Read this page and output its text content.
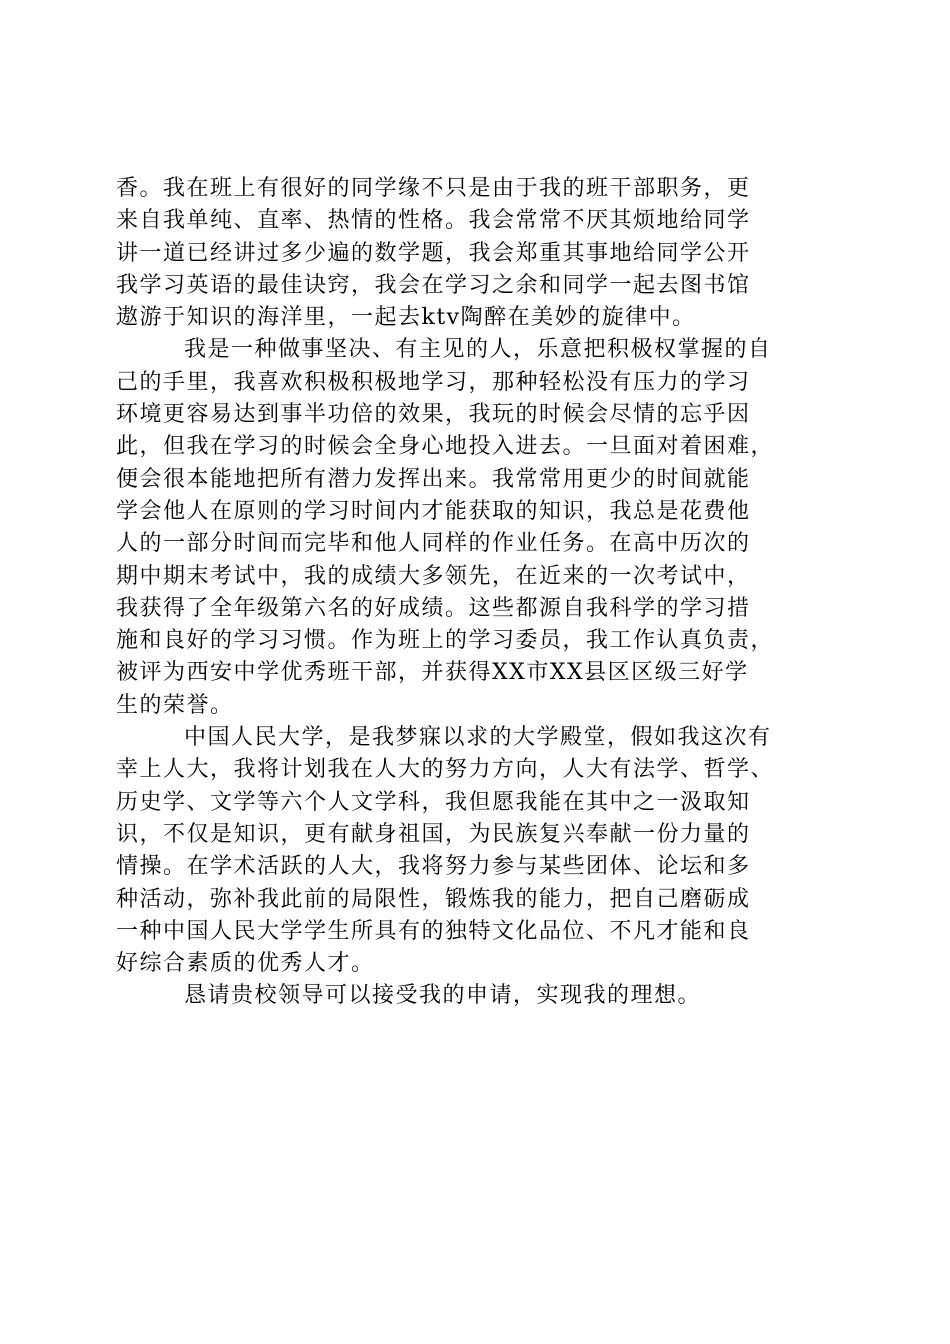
香。我在班上有很好的同学缘不只是由于我的班干部职务，更
来自我单纯、直率、热情的性格。我会常常不厌其烦地给同学
讲一道已经讲过多少遍的数学题，我会郑重其事地给同学公开
我学习英语的最佳诀窍，我会在学习之余和同学一起去图书馆
遨游于知识的海洋里，一起去ktv陶醉在美妙的旋律中。
我是一种做事坚决、有主见的人，乐意把积极权掌握的自
己的手里，我喜欢积极积极地学习，那种轻松没有压力的学习
环境更容易达到事半功倍的效果，我玩的时候会尽情的忘乎因
此，但我在学习的时候会全身心地投入进去。一旦面对着困难，
便会很本能地把所有潜力发挥出来。我常常用更少的时间就能
学会他人在原则的学习时间内才能获取的知识，我总是花费他
人的一部分时间而完毕和他人同样的作业任务。在高中历次的
期中期末考试中，我的成绩大多领先，在近来的一次考试中，
我获得了全年级第六名的好成绩。这些都源自我科学的学习措
施和良好的学习习惯。作为班上的学习委员，我工作认真负责，
被评为西安中学优秀班干部，并获得XX市XX县区区级三好学
生的荣誉。
中国人民大学，是我梦寐以求的大学殿堂，假如我这次有
幸上人大，我将计划我在人大的努力方向，人大有法学、哲学、
历史学、文学等六个人文学科，我但愿我能在其中之一汲取知
识，不仅是知识，更有献身祖国，为民族复兴奉献一份力量的
情操。在学术活跃的人大，我将努力参与某些团体、论坛和多
种活动，弥补我此前的局限性，锻炼我的能力，把自己磨砺成
一种中国人民大学学生所具有的独特文化品位、不凡才能和良
好综合素质的优秀人才。
恳请贵校领导可以接受我的申请，实现我的理想。
